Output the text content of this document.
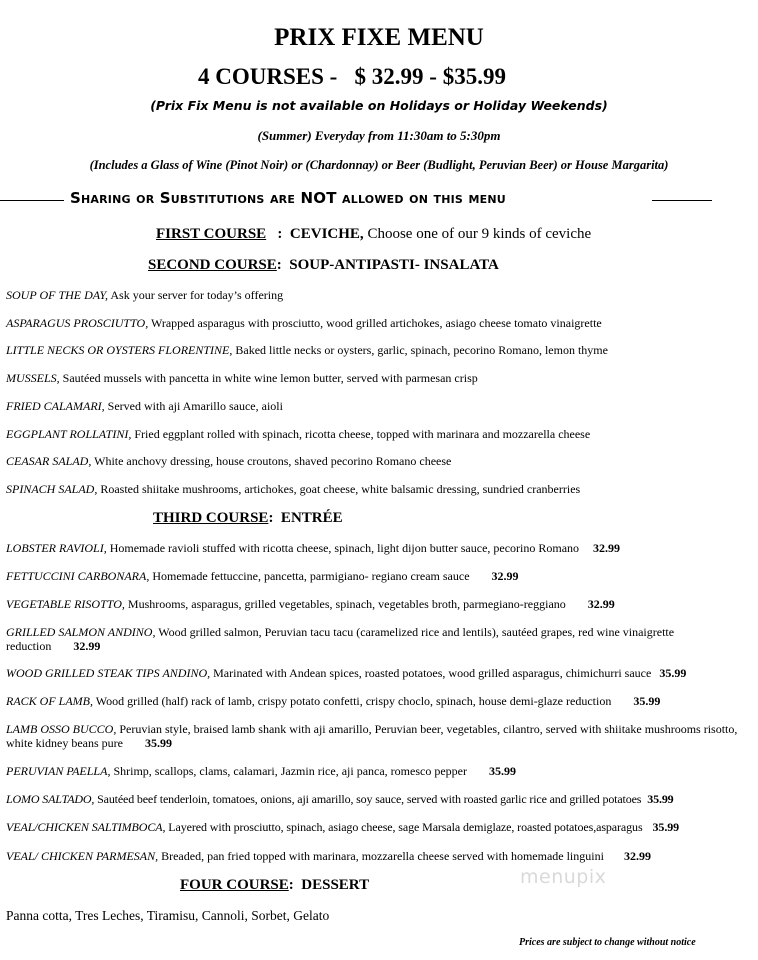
PRIX FIXE MENU
4 COURSES -   $ 32.99 - $35.99
(Prix Fix Menu is not available on Holidays or Holiday Weekends)
(Summer) Everyday from 11:30am to 5:30pm
(Includes a Glass of Wine (Pinot Noir) or (Chardonnay) or Beer (Budlight, Peruvian Beer) or House Margarita)
Sharing or Substitutions are NOT allowed on this menu
FIRST COURSE   :  CEVICHE, Choose one of our 9 kinds of ceviche
SECOND COURSE:  SOUP-ANTIPASTI- INSALATA
SOUP OF THE DAY, Ask your server for today’s offering
ASPARAGUS PROSCIUTTO, Wrapped asparagus with prosciutto, wood grilled artichokes, asiago cheese tomato vinaigrette
LITTLE NECKS OR OYSTERS FLORENTINE, Baked little necks or oysters, garlic, spinach, pecorino Romano, lemon thyme
MUSSELS, Sautéed mussels with pancetta in white wine lemon butter, served with parmesan crisp
FRIED CALAMARI, Served with aji Amarillo sauce, aioli
EGGPLANT ROLLATINI, Fried eggplant rolled with spinach, ricotta cheese, topped with marinara and mozzarella cheese
CEASAR SALAD, White anchovy dressing, house croutons, shaved pecorino Romano cheese
SPINACH SALAD, Roasted shiitake mushrooms, artichokes, goat cheese, white balsamic dressing, sundried cranberries
THIRD COURSE:  ENTRÉE
LOBSTER RAVIOLI, Homemade ravioli stuffed with ricotta cheese, spinach, light dijon butter sauce, pecorino Romano 32.99
FETTUCCINI CARBONARA, Homemade fettuccine, pancetta, parmigiano- regiano cream sauce 32.99
VEGETABLE RISOTTO, Mushrooms, asparagus, grilled vegetables, spinach, vegetables broth, parmegiano-reggiano 32.99
GRILLED SALMON ANDINO, Wood grilled salmon, Peruvian tacu tacu (caramelized rice and lentils), sautéed grapes, red wine vinaigrette reduction 32.99
WOOD GRILLED STEAK TIPS ANDINO, Marinated with Andean spices, roasted potatoes, wood grilled asparagus, chimichurri sauce 35.99
RACK OF LAMB, Wood grilled (half) rack of lamb, crispy potato confetti, crispy choclo, spinach, house demi-glaze reduction 35.99
LAMB OSSO BUCCO, Peruvian style, braised lamb shank with aji amarillo, Peruvian beer, vegetables, cilantro, served with shiitake mushrooms risotto, white kidney beans pure 35.99
PERUVIAN PAELLA, Shrimp, scallops, clams, calamari, Jazmin rice, aji panca, romesco pepper 35.99
LOMO SALTADO, Sautéed beef tenderloin, tomatoes, onions, aji amarillo, soy sauce, served with roasted garlic rice and grilled potatoes 35.99
VEAL/CHICKEN SALTIMBOCA, Layered with prosciutto, spinach, asiago cheese, sage Marsala demiglaze, roasted potatoes,asparagus 35.99
VEAL/ CHICKEN PARMESAN, Breaded, pan fried topped with marinara, mozzarella cheese served with homemade linguini 32.99
FOUR COURSE:  DESSERT	menupix
Panna cotta, Tres Leches, Tiramisu, Cannoli, Sorbet, Gelato
Prices are subject to change without notice
